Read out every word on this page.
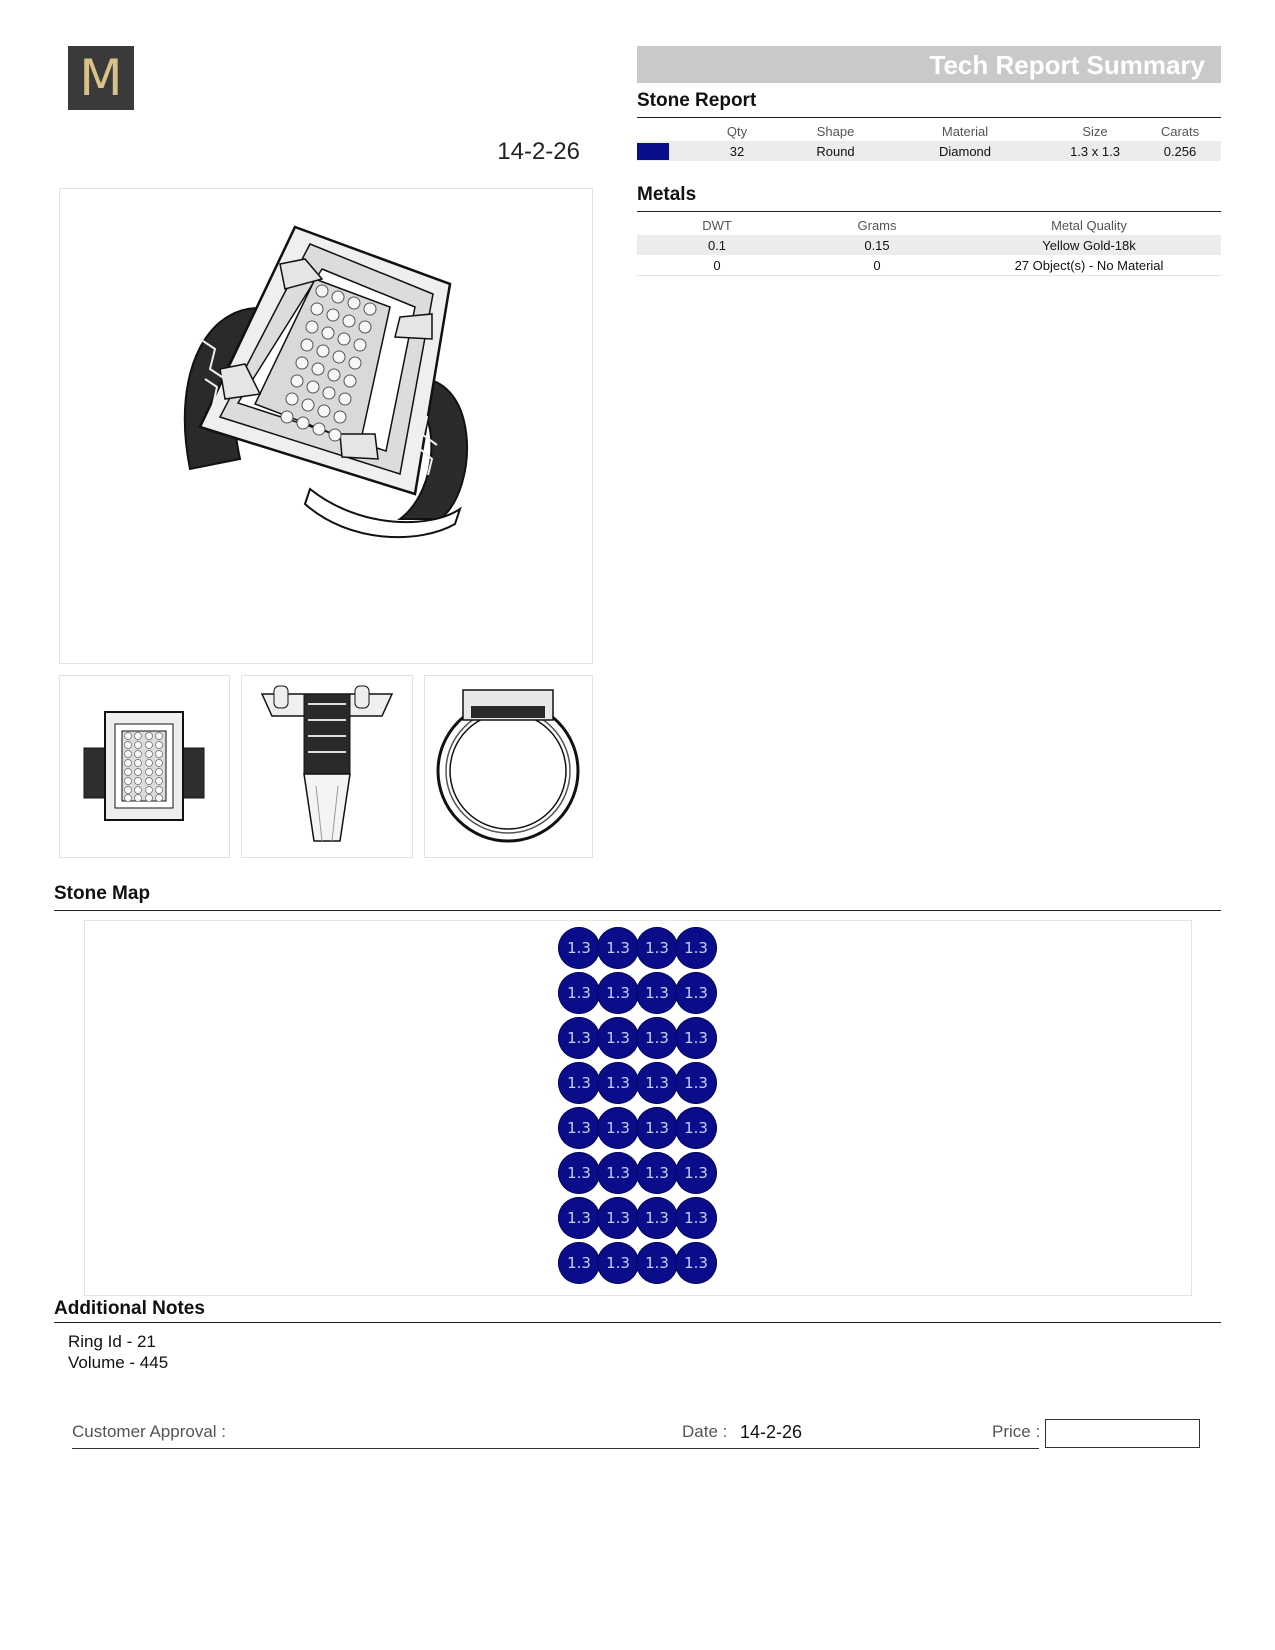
M
14-2-26
Tech Report Summary
Stone Report
	Qty	Shape	Material	Size	Carats
	32	Round	Diamond	1.3 x 1.3	0.256
Metals
DWT	Grams	Metal Quality
0.1	0.15	Yellow Gold-18k
0	0	27 Object(s) - No Material
Stone Map
1.3	1.3	1.3	1.3
1.3	1.3	1.3	1.3
1.3	1.3	1.3	1.3
1.3	1.3	1.3	1.3
1.3	1.3	1.3	1.3
1.3	1.3	1.3	1.3
1.3	1.3	1.3	1.3
1.3	1.3	1.3	1.3
Additional Notes
Ring Id - 21
Volume - 445
Customer Approval :	Date : 14-2-26	Price :
